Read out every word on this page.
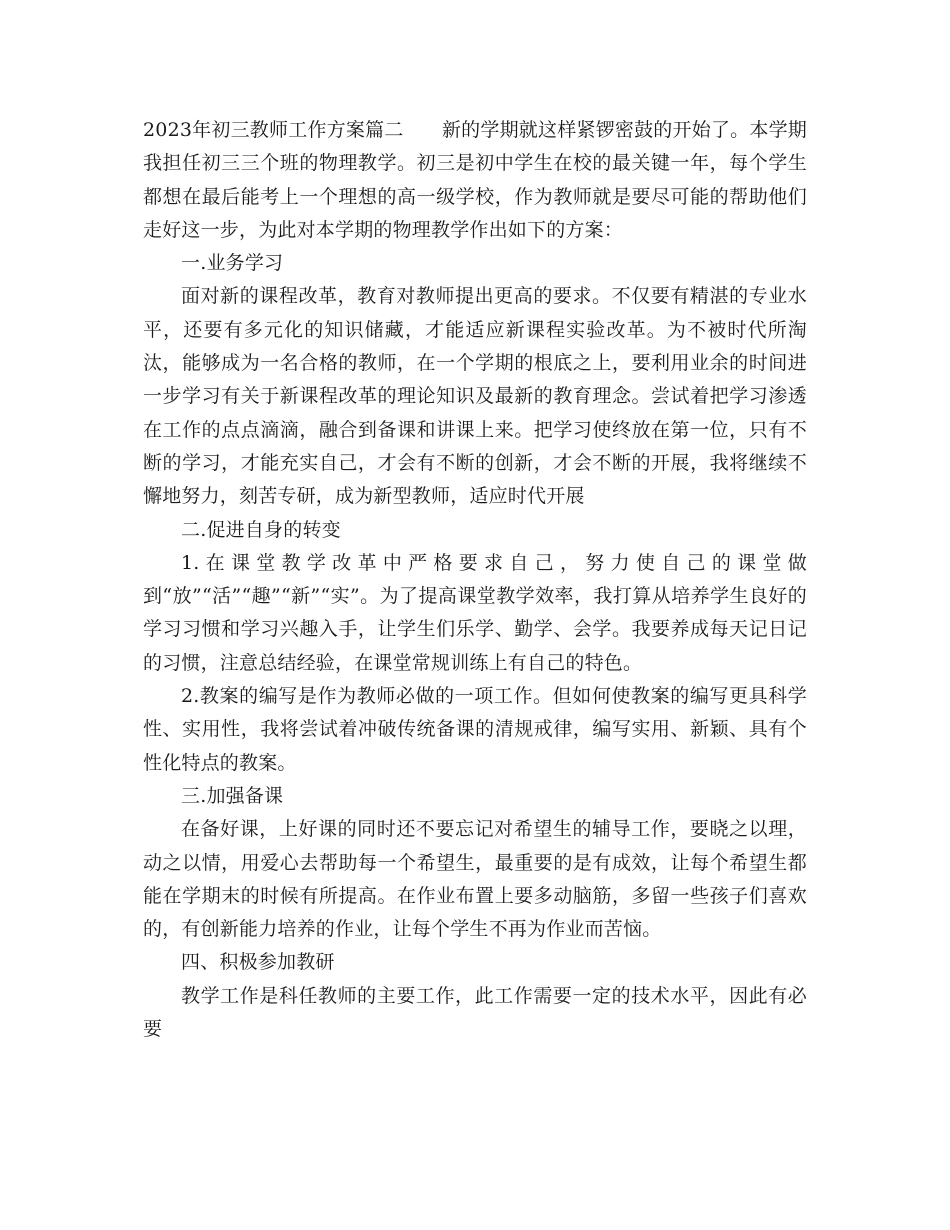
2023年初三教师工作方案篇二　　新的学期就这样紧锣密鼓的开始了。本学期我担任初三三个班的物理教学。初三是初中学生在校的最关键一年，每个学生都想在最后能考上一个理想的高一级学校，作为教师就是要尽可能的帮助他们走好这一步，为此对本学期的物理教学作出如下的方案：

一.业务学习

面对新的课程改革，教育对教师提出更高的要求。不仅要有精湛的专业水平，还要有多元化的知识储藏，才能适应新课程实验改革。为不被时代所淘汰，能够成为一名合格的教师，在一个学期的根底之上，要利用业余的时间进一步学习有关于新课程改革的理论知识及最新的教育理念。尝试着把学习渗透在工作的点点滴滴，融合到备课和讲课上来。把学习使终放在第一位，只有不断的学习，才能充实自己，才会有不断的创新，才会不断的开展，我将继续不懈地努力，刻苦专研，成为新型教师，适应时代开展

二.促进自身的转变

1.在课堂教学改革中严格要求自己，努力使自己的课堂做到“放”“活”“趣”“新”“实”。为了提高课堂教学效率，我打算从培养学生良好的学习习惯和学习兴趣入手，让学生们乐学、勤学、会学。我要养成每天记日记的习惯，注意总结经验，在课堂常规训练上有自己的特色。

2.教案的编写是作为教师必做的一项工作。但如何使教案的编写更具科学性、实用性，我将尝试着冲破传统备课的清规戒律，编写实用、新颖、具有个性化特点的教案。

三.加强备课

在备好课，上好课的同时还不要忘记对希望生的辅导工作，要晓之以理，动之以情，用爱心去帮助每一个希望生，最重要的是有成效，让每个希望生都能在学期末的时候有所提高。在作业布置上要多动脑筋，多留一些孩子们喜欢的，有创新能力培养的作业，让每个学生不再为作业而苦恼。

四、积极参加教研

教学工作是科任教师的主要工作，此工作需要一定的技术水平，因此有必要
